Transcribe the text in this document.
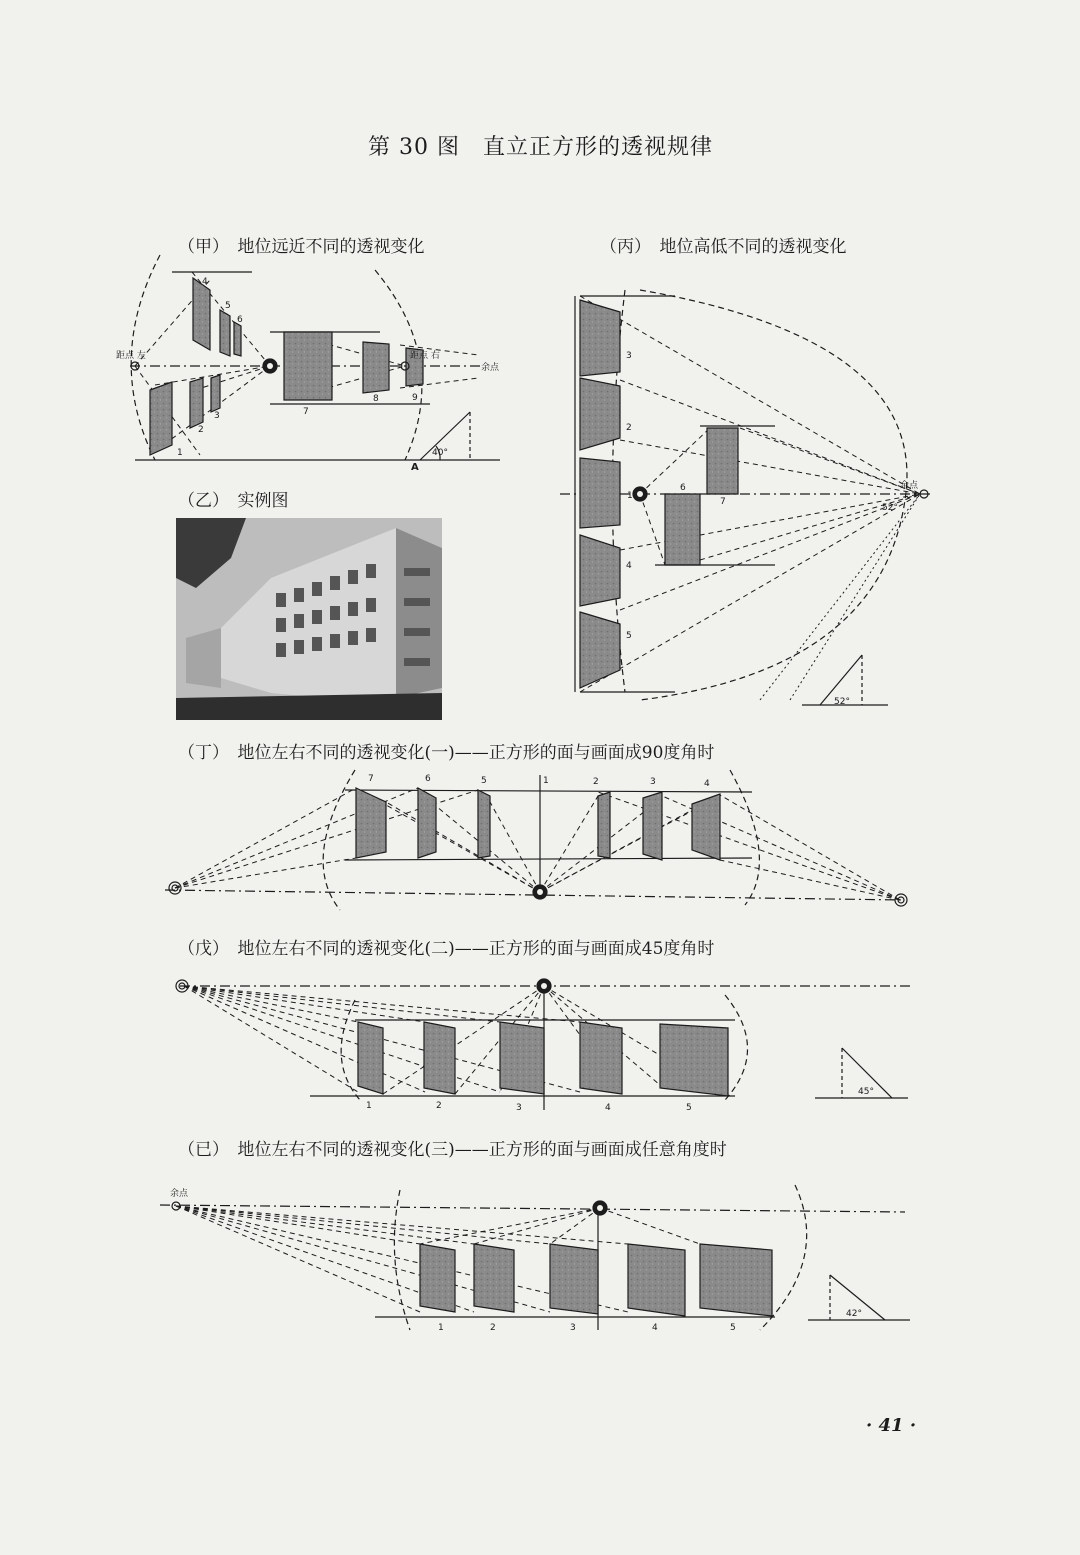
第 30 图　直立正方形的透视规律
（甲）　地位远近不同的透视变化	（丙）　地位高低不同的透视变化
（乙）　实例图
（丁）　地位左右不同的透视变化(一)——正方形的面与画面成90度角时
（戊）　地位左右不同的透视变化(二)——正方形的面与画面成45度角时
（已）　地位左右不同的透视变化(三)——正方形的面与画面成任意角度时
距点 左	距点 右
余点
A
40°
1
2
3
4
5
6
7
8	9
余点
52°
52°
1
2
3
4
5
6
7
7	6	5	1	2	3	4
45°
1	2	3	4	5
余点
42°
1	2	3	4	5
· 41 ·
